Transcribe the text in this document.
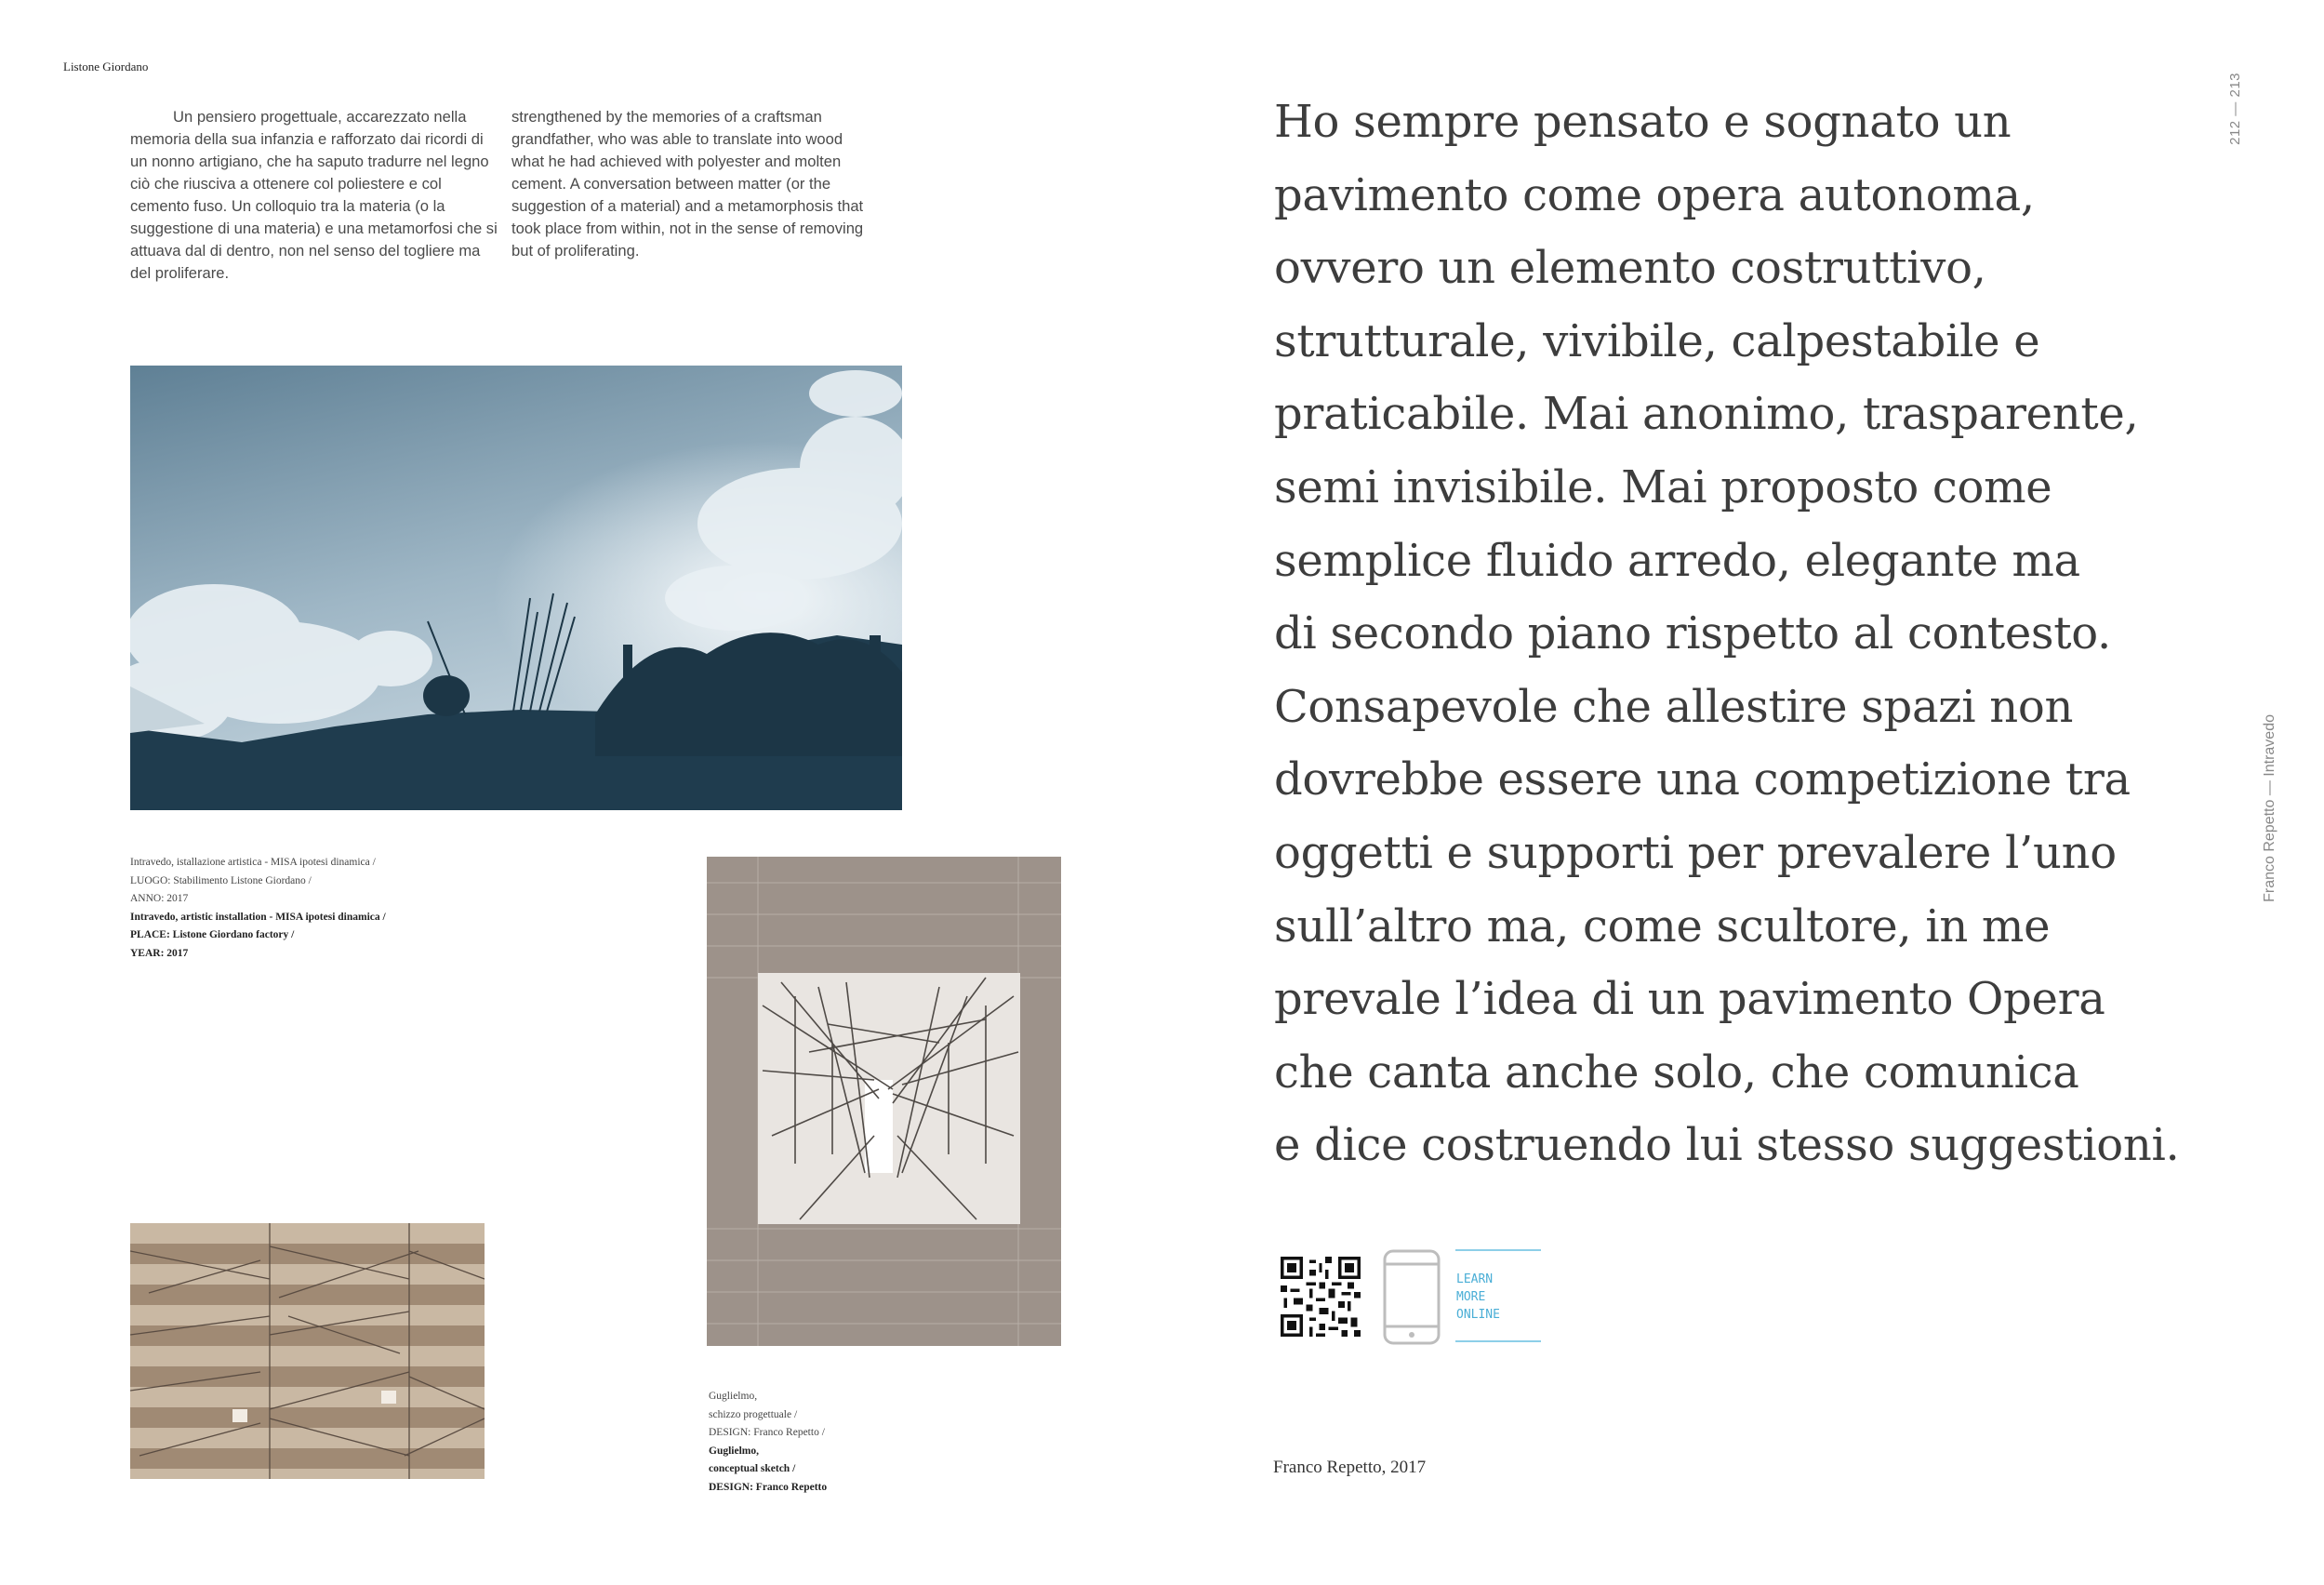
Listone Giordano

Un pensiero progettuale, accarezzato nella memoria della sua infanzia e rafforzato dai ricordi di un nonno artigiano, che ha saputo tradurre nel legno ciò che riusciva a ottenere col poliestere e col cemento fuso. Un colloquio tra la materia (o la suggestione di una materia) e una metamorfosi che si attuava dal di dentro, non nel senso del togliere ma del proliferare.

strengthened by the memories of a craftsman grandfather, who was able to translate into wood what he had achieved with polyester and molten cement. A conversation between matter (or the suggestion of a material) and a metamorphosis that took place from within, not in the sense of removing but of proliferating.

Intravedo, istallazione artistica - MISA ipotesi dinamica /
LUOGO: Stabilimento Listone Giordano /
ANNO: 2017
Intravedo, artistic installation - MISA ipotesi dinamica /
PLACE: Listone Giordano factory /
YEAR: 2017
Guglielmo,
schizzo progettuale /
DESIGN: Franco Repetto /
Guglielmo,
conceptual sketch /
DESIGN: Franco Repetto
Ho sempre pensato e sognato un
pavimento come opera autonoma,
ovvero un elemento costruttivo,
strutturale, vivibile, calpestabile e
praticabile. Mai anonimo, trasparente,
semi invisibile. Mai proposto come
semplice fluido arredo, elegante ma
di secondo piano rispetto al contesto.
Consapevole che allestire spazi non
dovrebbe essere una competizione tra
oggetti e supporti per prevalere l’uno
sull’altro ma, come scultore, in me
prevale l’idea di un pavimento Opera
che canta anche solo, che comunica
e dice costruendo lui stesso suggestioni.
LEARN
MORE
ONLINE
Franco Repetto, 2017
212 — 213
Franco Repetto — Intravedo
